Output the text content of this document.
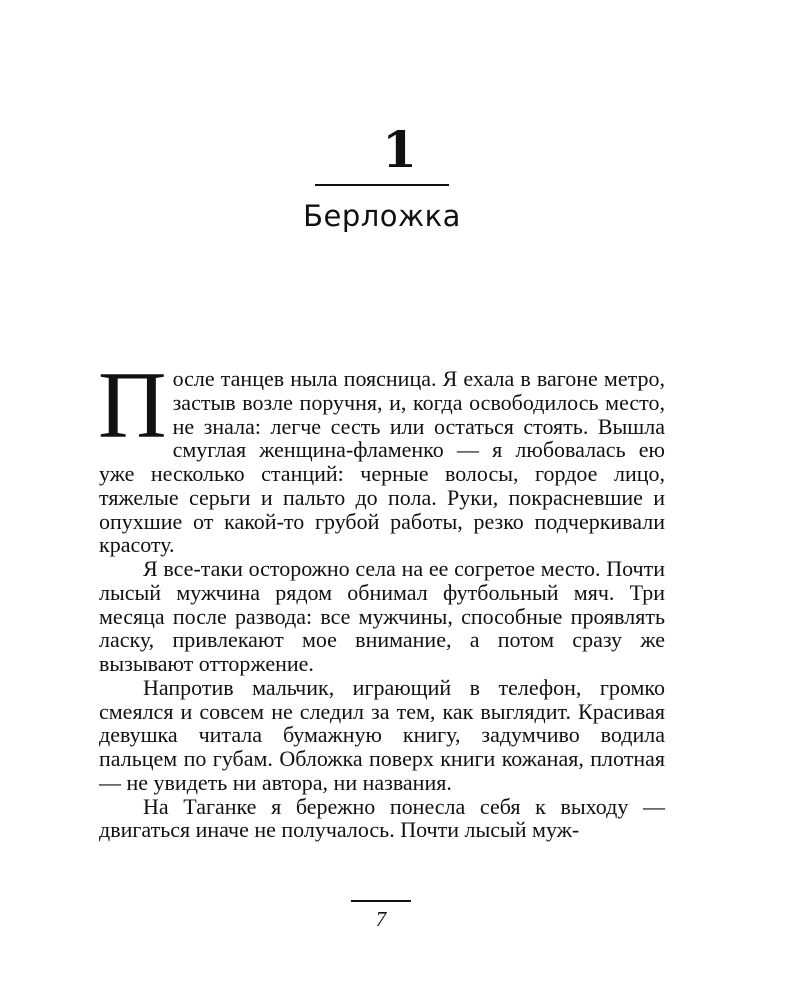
1
Берложка

После танцев ныла поясница. Я ехала в вагоне метро, застыв возле поручня, и, когда освободилось место, не знала: легче сесть или остаться стоять. Вышла смуглая женщина-фламенко — я любовалась ею уже несколько станций: черные волосы, гордое лицо, тяжелые серьги и пальто до пола. Руки, покрасневшие и опухшие от какой-то грубой работы, резко подчеркивали красоту.

Я все-таки осторожно села на ее согретое место. Почти лысый мужчина рядом обнимал футбольный мяч. Три месяца после развода: все мужчины, способные проявлять ласку, привлекают мое внимание, а потом сразу же вызывают отторжение.

Напротив мальчик, играющий в телефон, громко смеялся и совсем не следил за тем, как выглядит. Красивая девушка читала бумажную книгу, задумчиво водила пальцем по губам. Обложка поверх книги кожаная, плотная — не увидеть ни автора, ни названия.

На Таганке я бережно понесла себя к выходу — двигаться иначе не получалось. Почти лысый муж-

7
